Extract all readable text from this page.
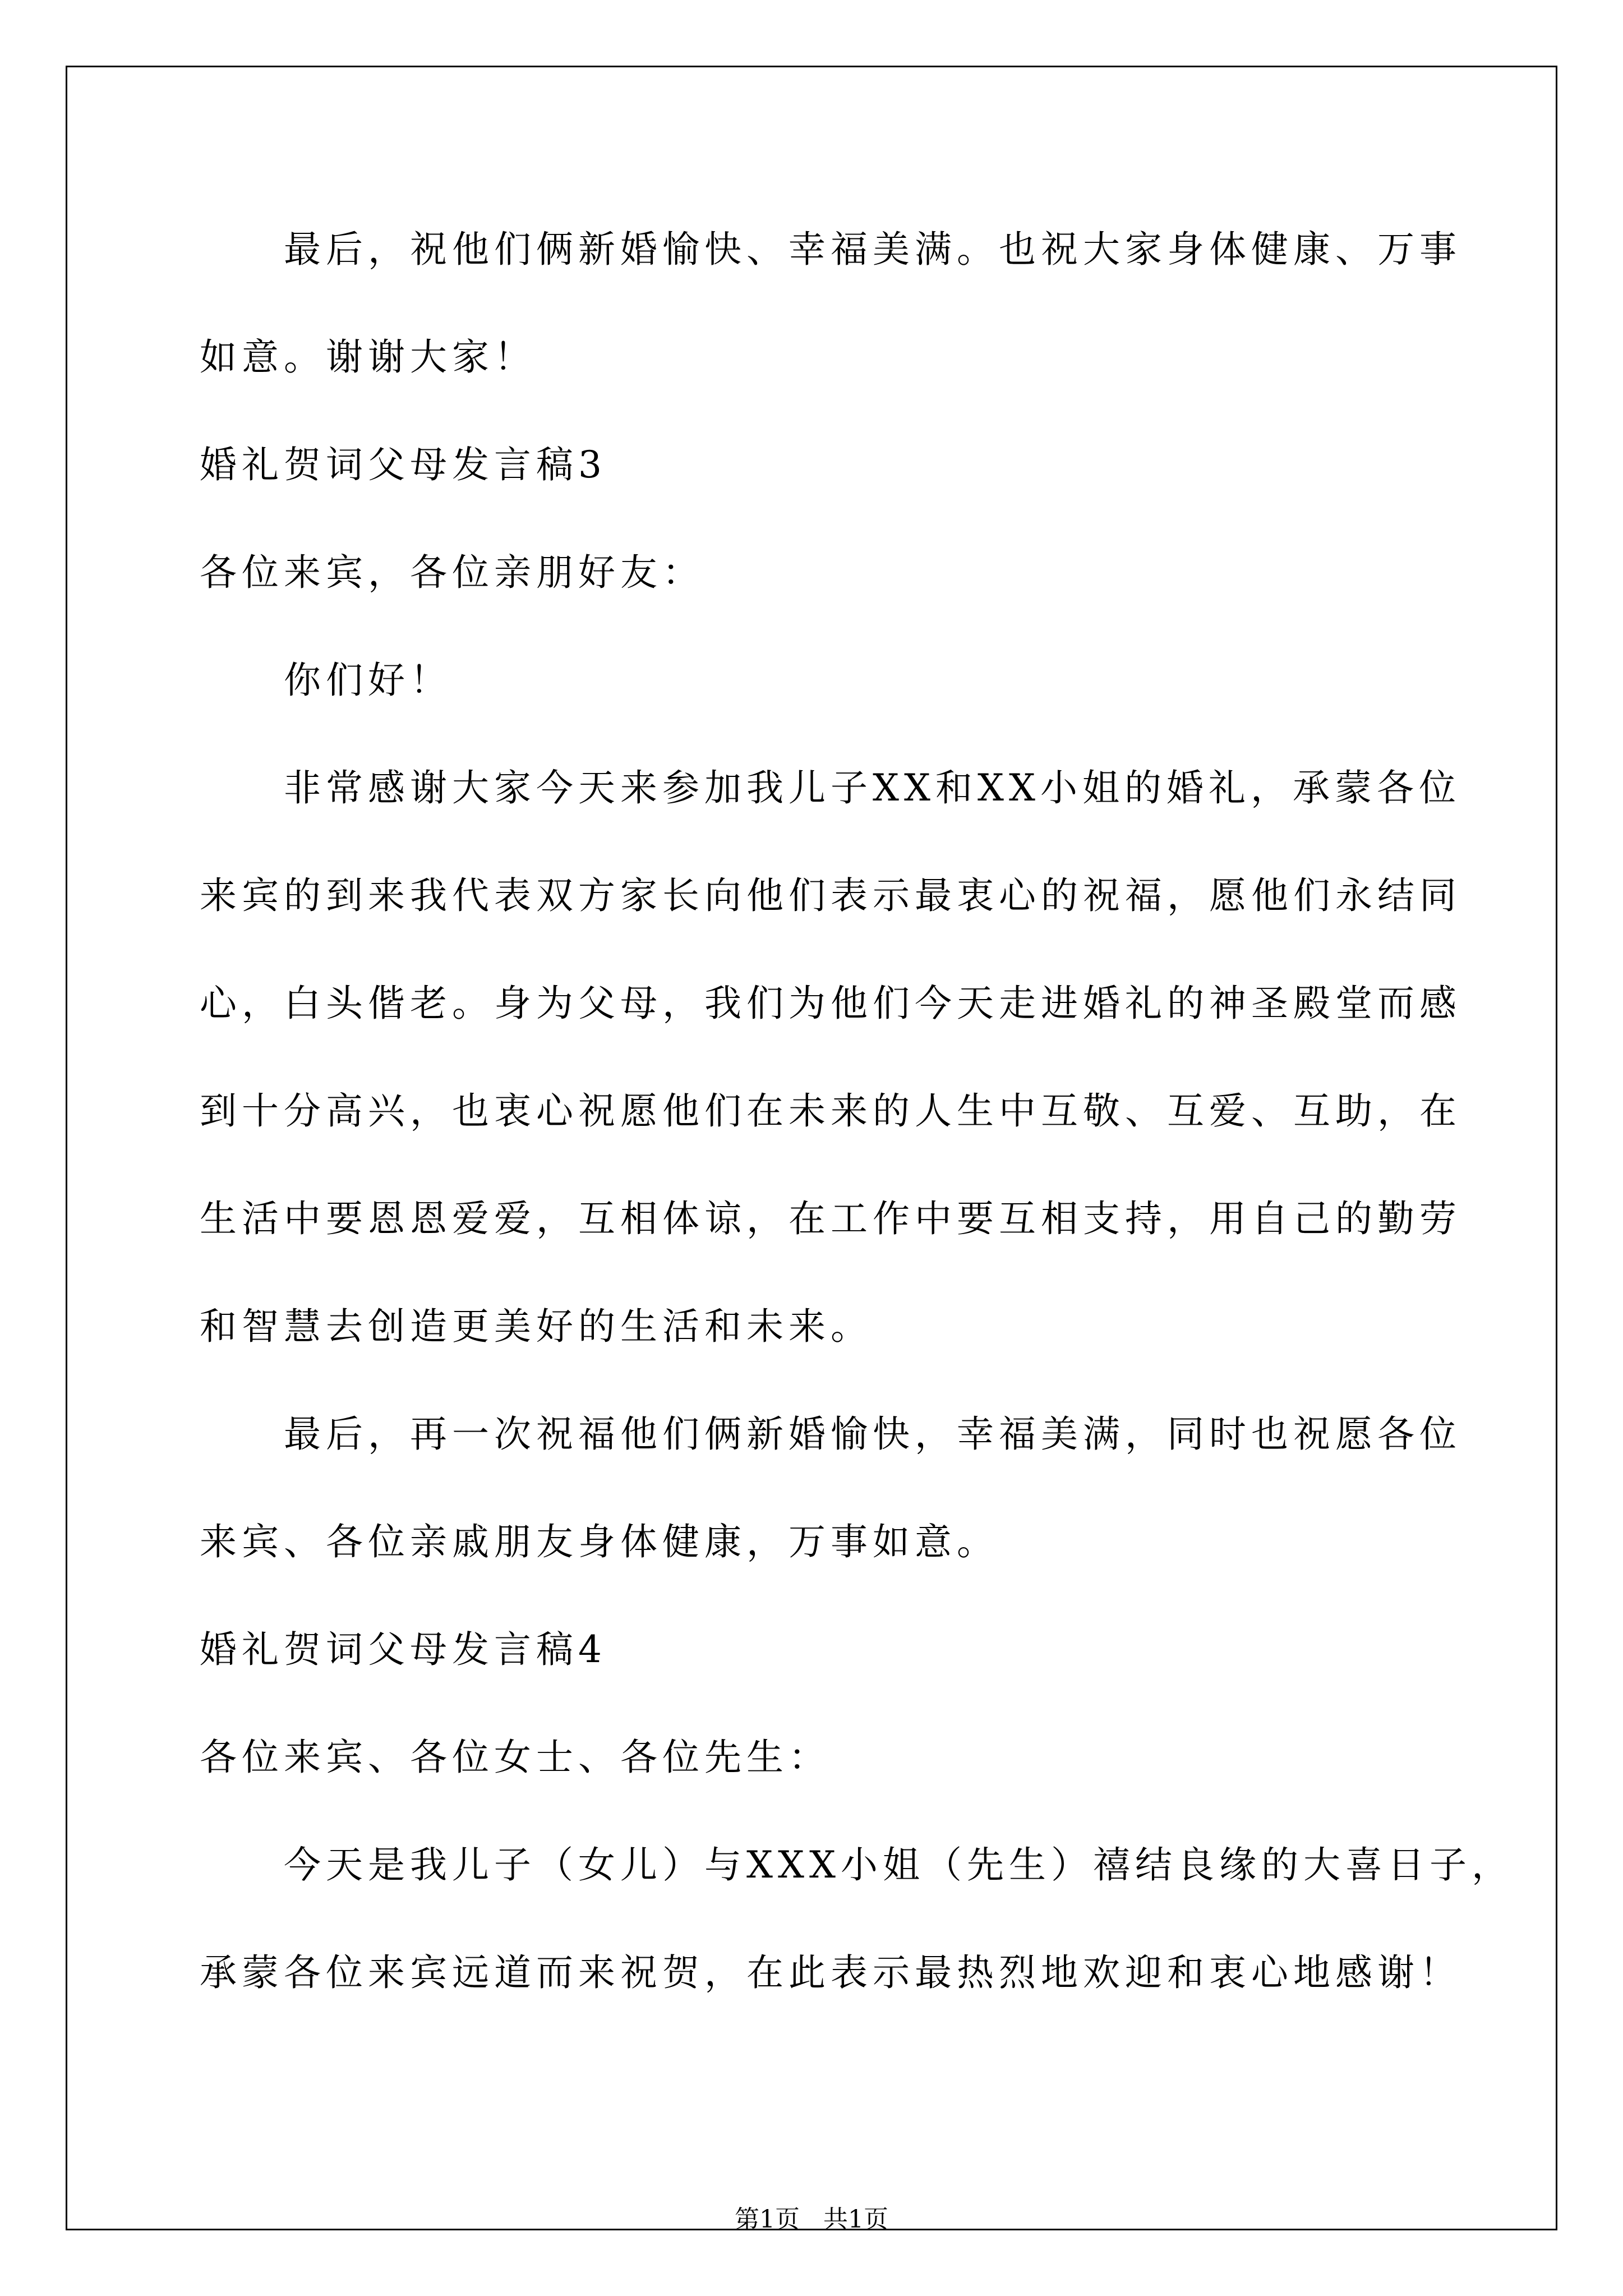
最后，祝他们俩新婚愉快、幸福美满。也祝大家身体健康、万事
如意。谢谢大家！
婚礼贺词父母发言稿3
各位来宾，各位亲朋好友：
你们好！
非常感谢大家今天来参加我儿子XX和XX小姐的婚礼，承蒙各位
来宾的到来我代表双方家长向他们表示最衷心的祝福，愿他们永结同
心，白头偕老。身为父母，我们为他们今天走进婚礼的神圣殿堂而感
到十分高兴，也衷心祝愿他们在未来的人生中互敬、互爱、互助，在
生活中要恩恩爱爱，互相体谅，在工作中要互相支持，用自己的勤劳
和智慧去创造更美好的生活和未来。
最后，再一次祝福他们俩新婚愉快，幸福美满，同时也祝愿各位
来宾、各位亲戚朋友身体健康，万事如意。
婚礼贺词父母发言稿4
各位来宾、各位女士、各位先生：
今天是我儿子（女儿）与XXX小姐（先生）禧结良缘的大喜日子，
承蒙各位来宾远道而来祝贺，在此表示最热烈地欢迎和衷心地感谢！
第1页   共1页
